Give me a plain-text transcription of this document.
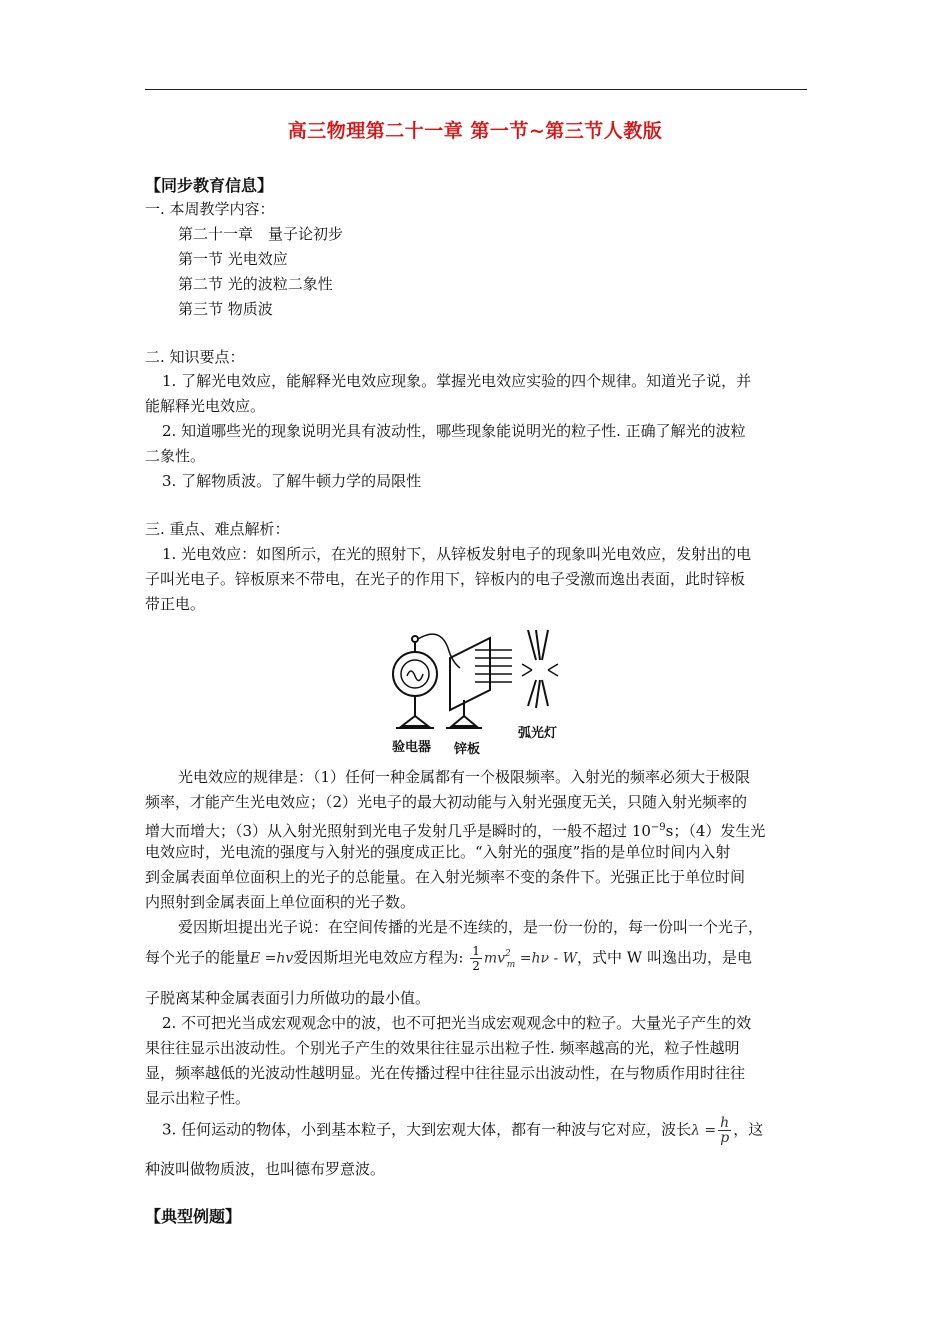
高三物理第二十一章 第一节~第三节人教版
【同步教育信息】
一. 本周教学内容：
第二十一章　量子论初步
第一节 光电效应
第二节 光的波粒二象性
第三节 物质波
二. 知识要点：
1. 了解光电效应，能解释光电效应现象。掌握光电效应实验的四个规律。知道光子说，并
能解释光电效应。
2. 知道哪些光的现象说明光具有波动性，哪些现象能说明光的粒子性. 正确了解光的波粒
二象性。
3. 了解物质波。了解牛顿力学的局限性
三. 重点、难点解析：
1. 光电效应：如图所示，在光的照射下，从锌板发射电子的现象叫光电效应，发射出的电
子叫光电子。锌板原来不带电，在光子的作用下，锌板内的电子受激而逸出表面，此时锌板
带正电。
验电器 锌板
弧光灯
光电效应的规律是：（1）任何一种金属都有一个极限频率。入射光的频率必须大于极限
频率，才能产生光电效应；（2）光电子的最大初动能与入射光强度无关，只随入射光频率的
增大而增大；（3）从入射光照射到光电子发射几乎是瞬时的，一般不超过 $10^{-9}s$；（4）发生光
电效应时，光电流的强度与入射光的强度成正比。“入射光的强度”指的是单位时间内入射
到金属表面单位面积上的光子的总能量。在入射光频率不变的条件下。光强正比于单位时间
内照射到金属表面上单位面积的光子数。
爱因斯坦提出光子说：在空间传播的光是不连续的，是一份一份的，每一份叫一个光子，
每个光子的能量E =hv爱因斯坦光电效应方程为: $\frac{1}{2} mv^2_m =h\nu - W$，式中 W 叫逸出功，是电
子脱离某种金属表面引力所做功的最小值。
2. 不可把光当成宏观观念中的波，也不可把光当成宏观观念中的粒子。大量光子产生的效
果往往显示出波动性。个别光子产生的效果往往显示出粒子性. 频率越高的光，粒子性越明
显，频率越低的光波动性越明显。光在传播过程中往往显示出波动性，在与物质作用时往往
显示出粒子性。
3. 任何运动的物体，小到基本粒子，大到宏观大体，都有一种波与它对应，波长$\lambda = \frac{h}{p}$ ，这
种波叫做物质波，也叫德布罗意波。
【典型例题】
